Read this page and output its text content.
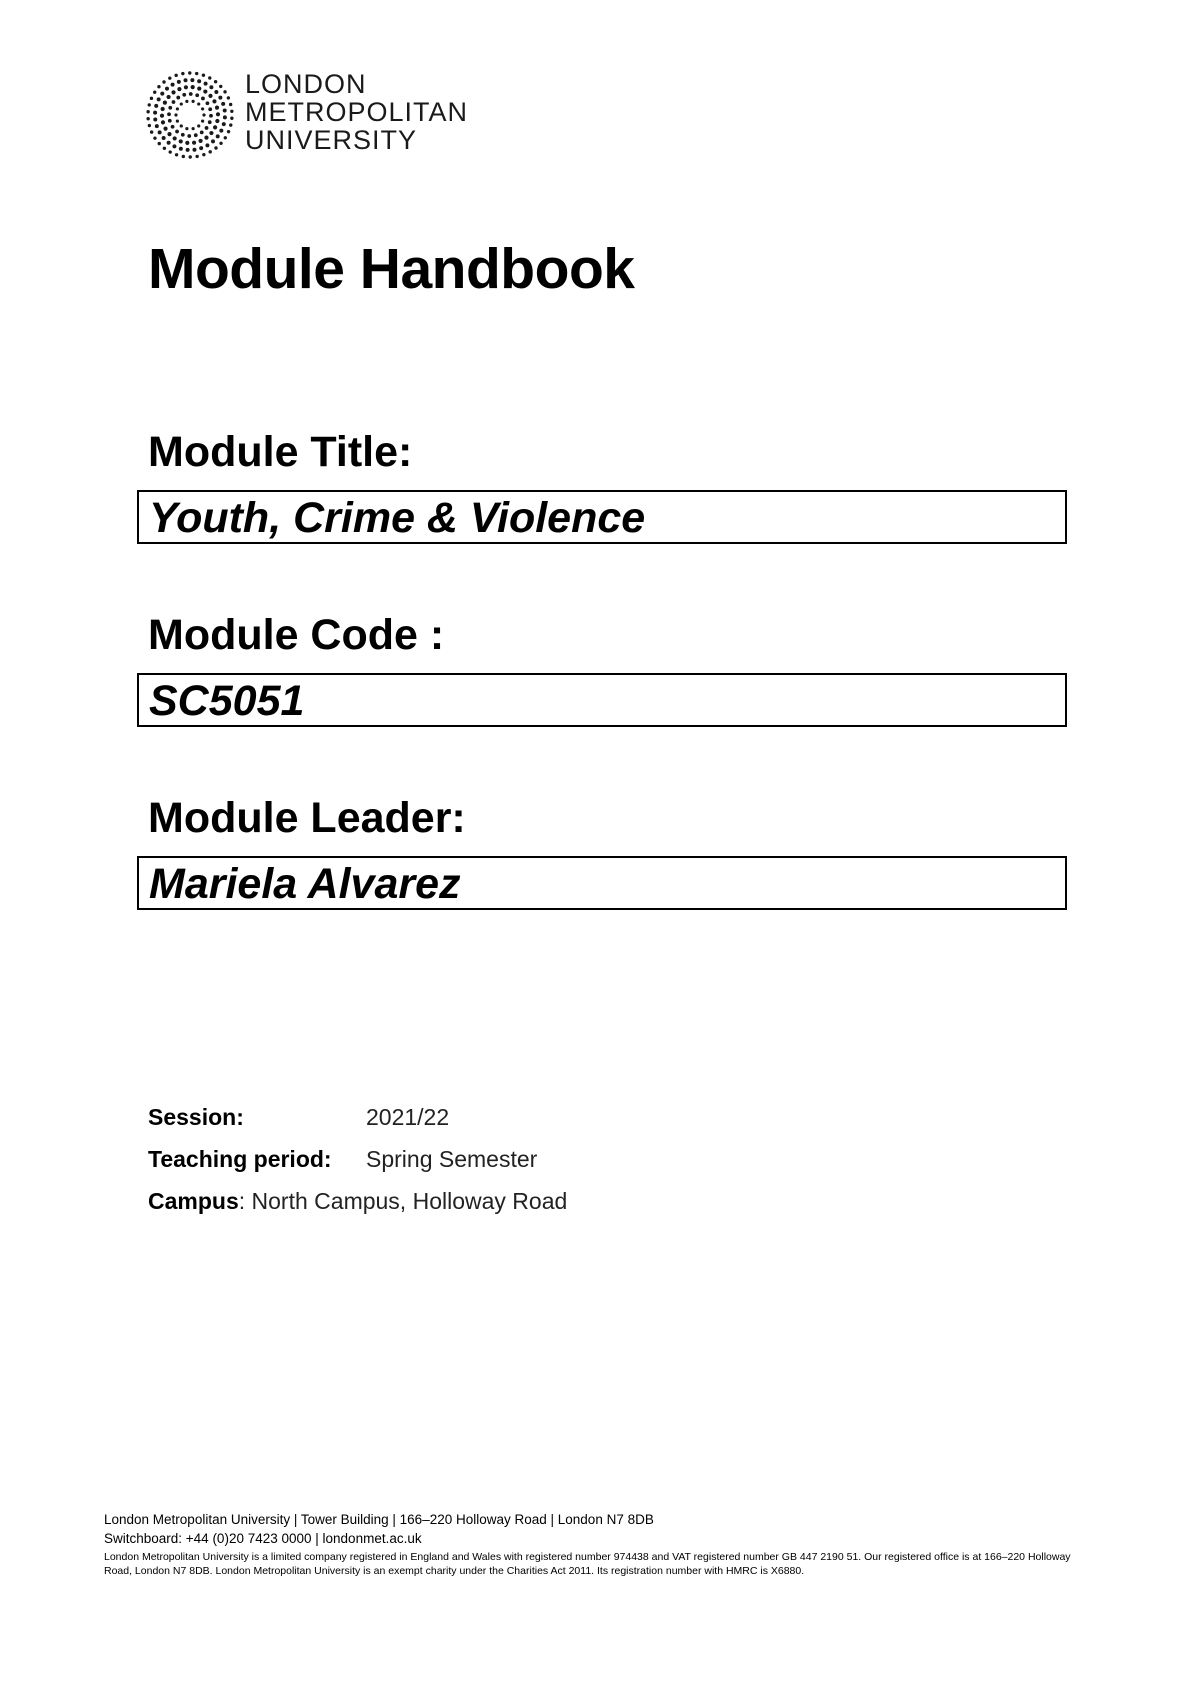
LONDON
METROPOLITAN
UNIVERSITY
Module Handbook
Module Title:
Youth, Crime & Violence
Module Code :
SC5051
Module Leader:
Mariela Alvarez
Session:	2021/22
Teaching period: Spring Semester
Campus: North Campus, Holloway Road
London Metropolitan University | Tower Building | 166–220 Holloway Road | London N7 8DB
Switchboard: +44 (0)20 7423 0000 | londonmet.ac.uk
London Metropolitan University is a limited company registered in England and Wales with registered number 974438 and VAT registered number GB 447 2190 51. Our registered office is at 166–220 Holloway Road, London N7 8DB. London Metropolitan University is an exempt charity under the Charities Act 2011. Its registration number with HMRC is X6880.
